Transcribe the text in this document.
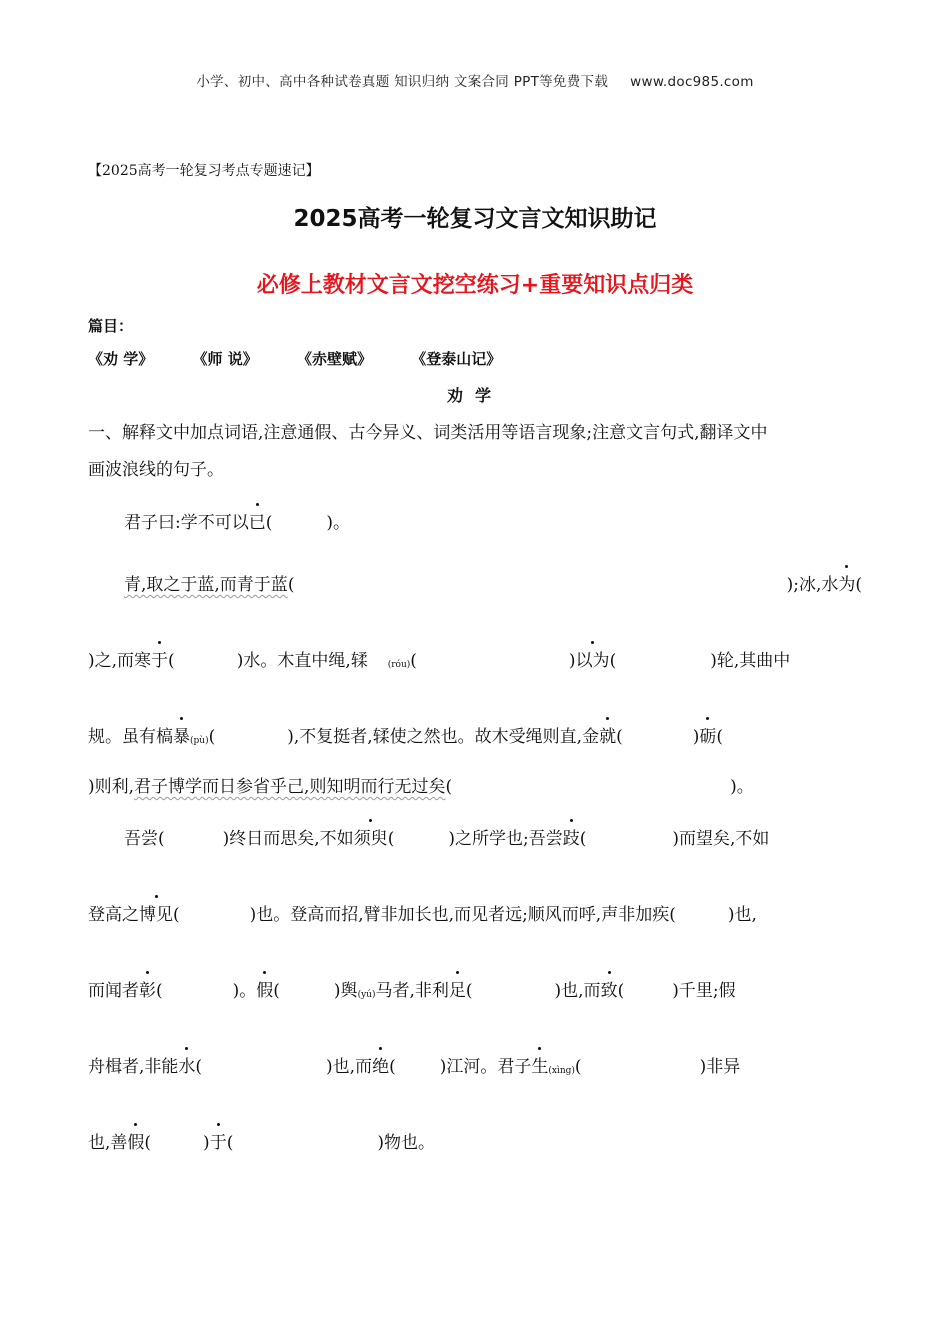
小学、初中、高中各种试卷真题 知识归纳 文案合同 PPT等免费下载 www.doc985.com
【2025高考一轮复习考点专题速记】
2025高考一轮复习文言文知识助记
必修上教材文言文挖空练习+重要知识点归类
篇目：
《劝 学》	《师 说》	《赤壁赋》	《登泰山记》
劝学
一、解释文中加点词语,注意通假、古今异义、词类活用等语言现象;注意文言句式,翻译文中
画波浪线的句子。
君子曰:学不可以已(	)。
青,取之于蓝,而青于蓝(	);冰,水为(
)之,而寒于(	)水。木直中绳,𫐓 (róu)(	)以为(	)轮,其曲中
规。虽有槁暴(pù)(	),不复挺者,𫐓使之然也。故木受绳则直,金就(	)砺(
)则利,君子博学而日参省乎己,则知明而行无过矣(	)。
吾尝(	)终日而思矣,不如须臾(	)之所学也;吾尝跂(	)而望矣,不如
登高之博见(	)也。登高而招,臂非加长也,而见者远;顺风而呼,声非加疾(	)也,
而闻者彰(	)。假(	)舆(yú)马者,非利足(	)也,而致(	)千里;假
舟楫者,非能水(	)也,而绝(	)江河。君子生(xìng)(	)非异
也,善假(	)于(	)物也。
